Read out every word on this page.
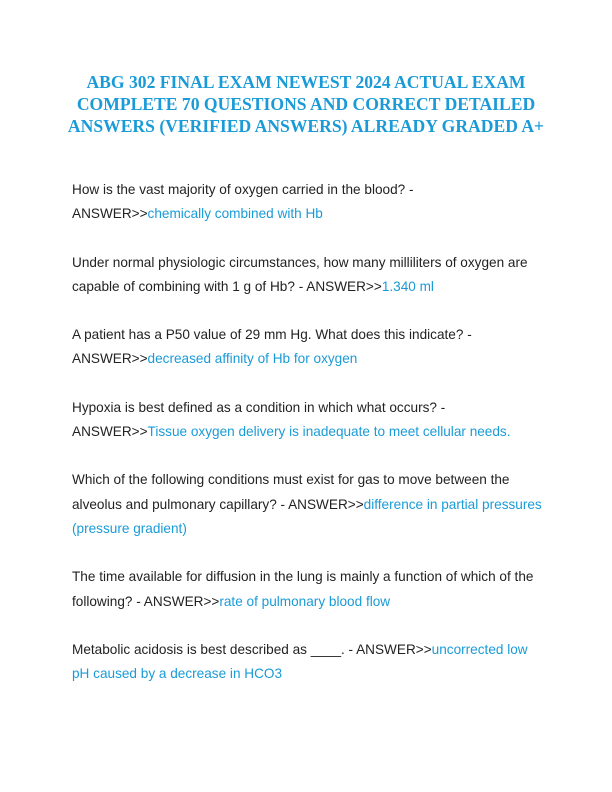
ABG 302 FINAL EXAM NEWEST 2024 ACTUAL EXAM COMPLETE 70 QUESTIONS AND CORRECT DETAILED ANSWERS (VERIFIED ANSWERS) ALREADY GRADED A+

How is the vast majority of oxygen carried in the blood? - ANSWER>>chemically combined with Hb

Under normal physiologic circumstances, how many milliliters of oxygen are capable of combining with 1 g of Hb? - ANSWER>>1.340 ml

A patient has a P50 value of 29 mm Hg. What does this indicate? - ANSWER>>decreased affinity of Hb for oxygen

Hypoxia is best defined as a condition in which what occurs? - ANSWER>>Tissue oxygen delivery is inadequate to meet cellular needs.

Which of the following conditions must exist for gas to move between the alveolus and pulmonary capillary? - ANSWER>>difference in partial pressures (pressure gradient)

The time available for diffusion in the lung is mainly a function of which of the following? - ANSWER>>rate of pulmonary blood flow

Metabolic acidosis is best described as ____. - ANSWER>>uncorrected low pH caused by a decrease in HCO3
